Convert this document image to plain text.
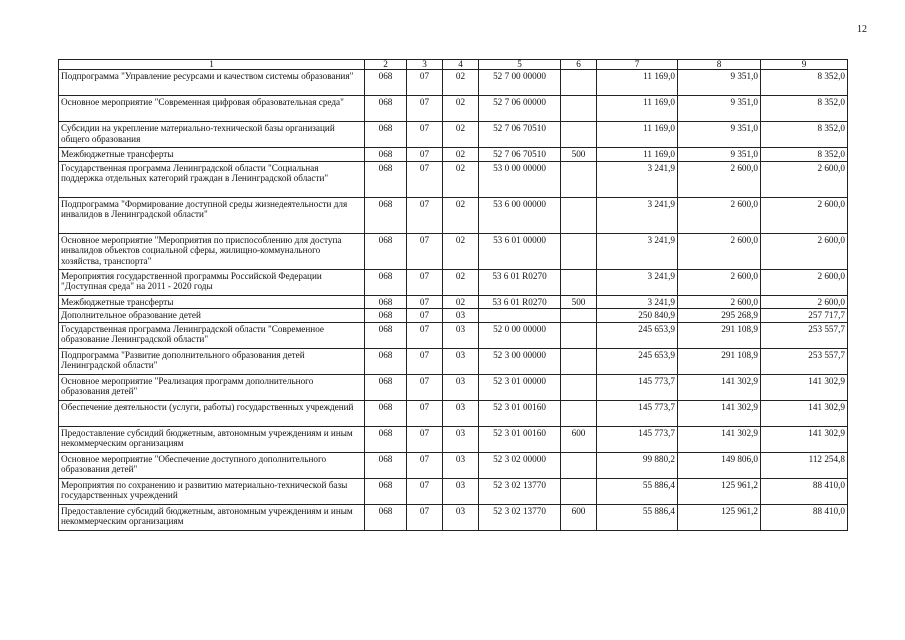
12
1	2	3	4	5	6	7	8	9
Подпрограмма "Управление ресурсами и качеством системы образования"	068	07	02	52 7 00 00000		11 169,0	9 351,0	8 352,0
Основное мероприятие "Современная цифровая образовательная среда"	068	07	02	52 7 06 00000		11 169,0	9 351,0	8 352,0
Субсидии на укрепление материально-технической базы организаций общего образования	068	07	02	52 7 06 70510		11 169,0	9 351,0	8 352,0
Межбюджетные трансферты	068	07	02	52 7 06 70510	500	11 169,0	9 351,0	8 352,0
Государственная программа Ленинградской области "Социальная поддержка отдельных категорий граждан в Ленинградской области"	068	07	02	53 0 00 00000		3 241,9	2 600,0	2 600,0
Подпрограмма "Формирование доступной среды жизнедеятельности для инвалидов в Ленинградской области"	068	07	02	53 6 00 00000		3 241,9	2 600,0	2 600,0
Основное мероприятие "Мероприятия по приспособлению для доступа инвалидов объектов социальной сферы, жилищно-коммунального хозяйства, транспорта"	068	07	02	53 6 01 00000		3 241,9	2 600,0	2 600,0
Мероприятия государственной программы Российской Федерации "Доступная среда" на 2011 - 2020 годы	068	07	02	53 6 01 R0270		3 241,9	2 600,0	2 600,0
Межбюджетные трансферты	068	07	02	53 6 01 R0270	500	3 241,9	2 600,0	2 600,0
Дополнительное образование детей	068	07	03			250 840,9	295 268,9	257 717,7
Государственная программа Ленинградской области "Современное образование Ленинградской области"	068	07	03	52 0 00 00000		245 653,9	291 108,9	253 557,7
Подпрограмма "Развитие дополнительного образования детей Ленинградской области"	068	07	03	52 3 00 00000		245 653,9	291 108,9	253 557,7
Основное мероприятие "Реализация программ дополнительного образования детей"	068	07	03	52 3 01 00000		145 773,7	141 302,9	141 302,9
Обеспечение деятельности (услуги, работы) государственных учреждений	068	07	03	52 3 01 00160		145 773,7	141 302,9	141 302,9
Предоставление субсидий бюджетным, автономным учреждениям и иным некоммерческим организациям	068	07	03	52 3 01 00160	600	145 773,7	141 302,9	141 302,9
Основное мероприятие "Обеспечение доступного дополнительного образования детей"	068	07	03	52 3 02 00000		99 880,2	149 806,0	112 254,8
Мероприятия по сохранению и развитию материально-технической базы государственных учреждений	068	07	03	52 3 02 13770		55 886,4	125 961,2	88 410,0
Предоставление субсидий бюджетным, автономным учреждениям и иным некоммерческим организациям	068	07	03	52 3 02 13770	600	55 886,4	125 961,2	88 410,0
